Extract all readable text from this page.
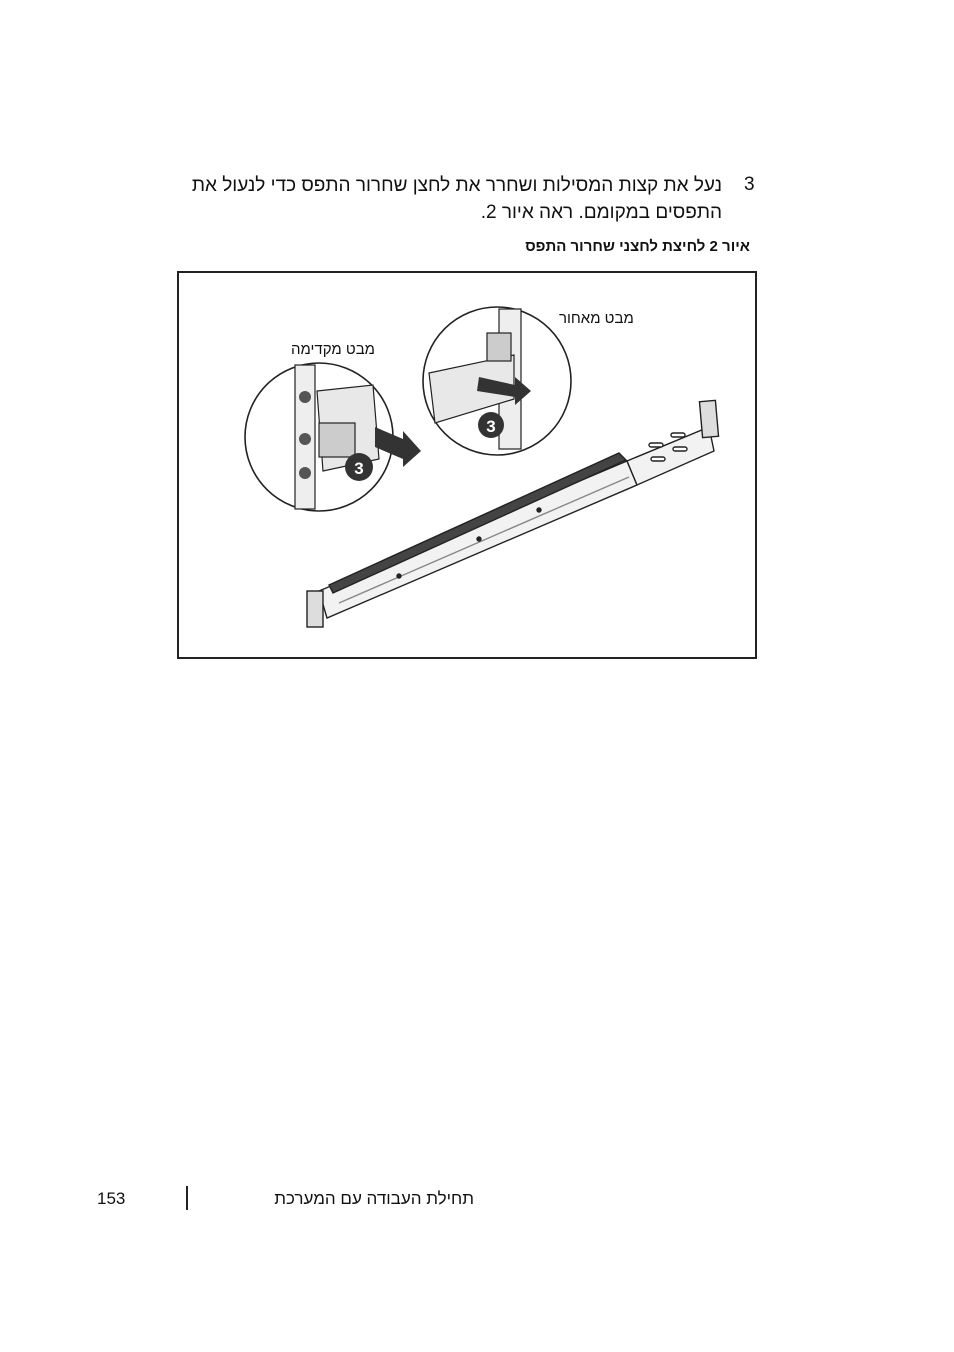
3
נעל את קצות המסילות ושחרר את לחצן שחרור התפס כדי לנעול את התפסים במקומם. ראה איור 2.
איור 2 לחיצת לחצני שחרור התפס
3
3
מבט מאחור
מבט מקדימה
153	תחילת העבודה עם המערכת
